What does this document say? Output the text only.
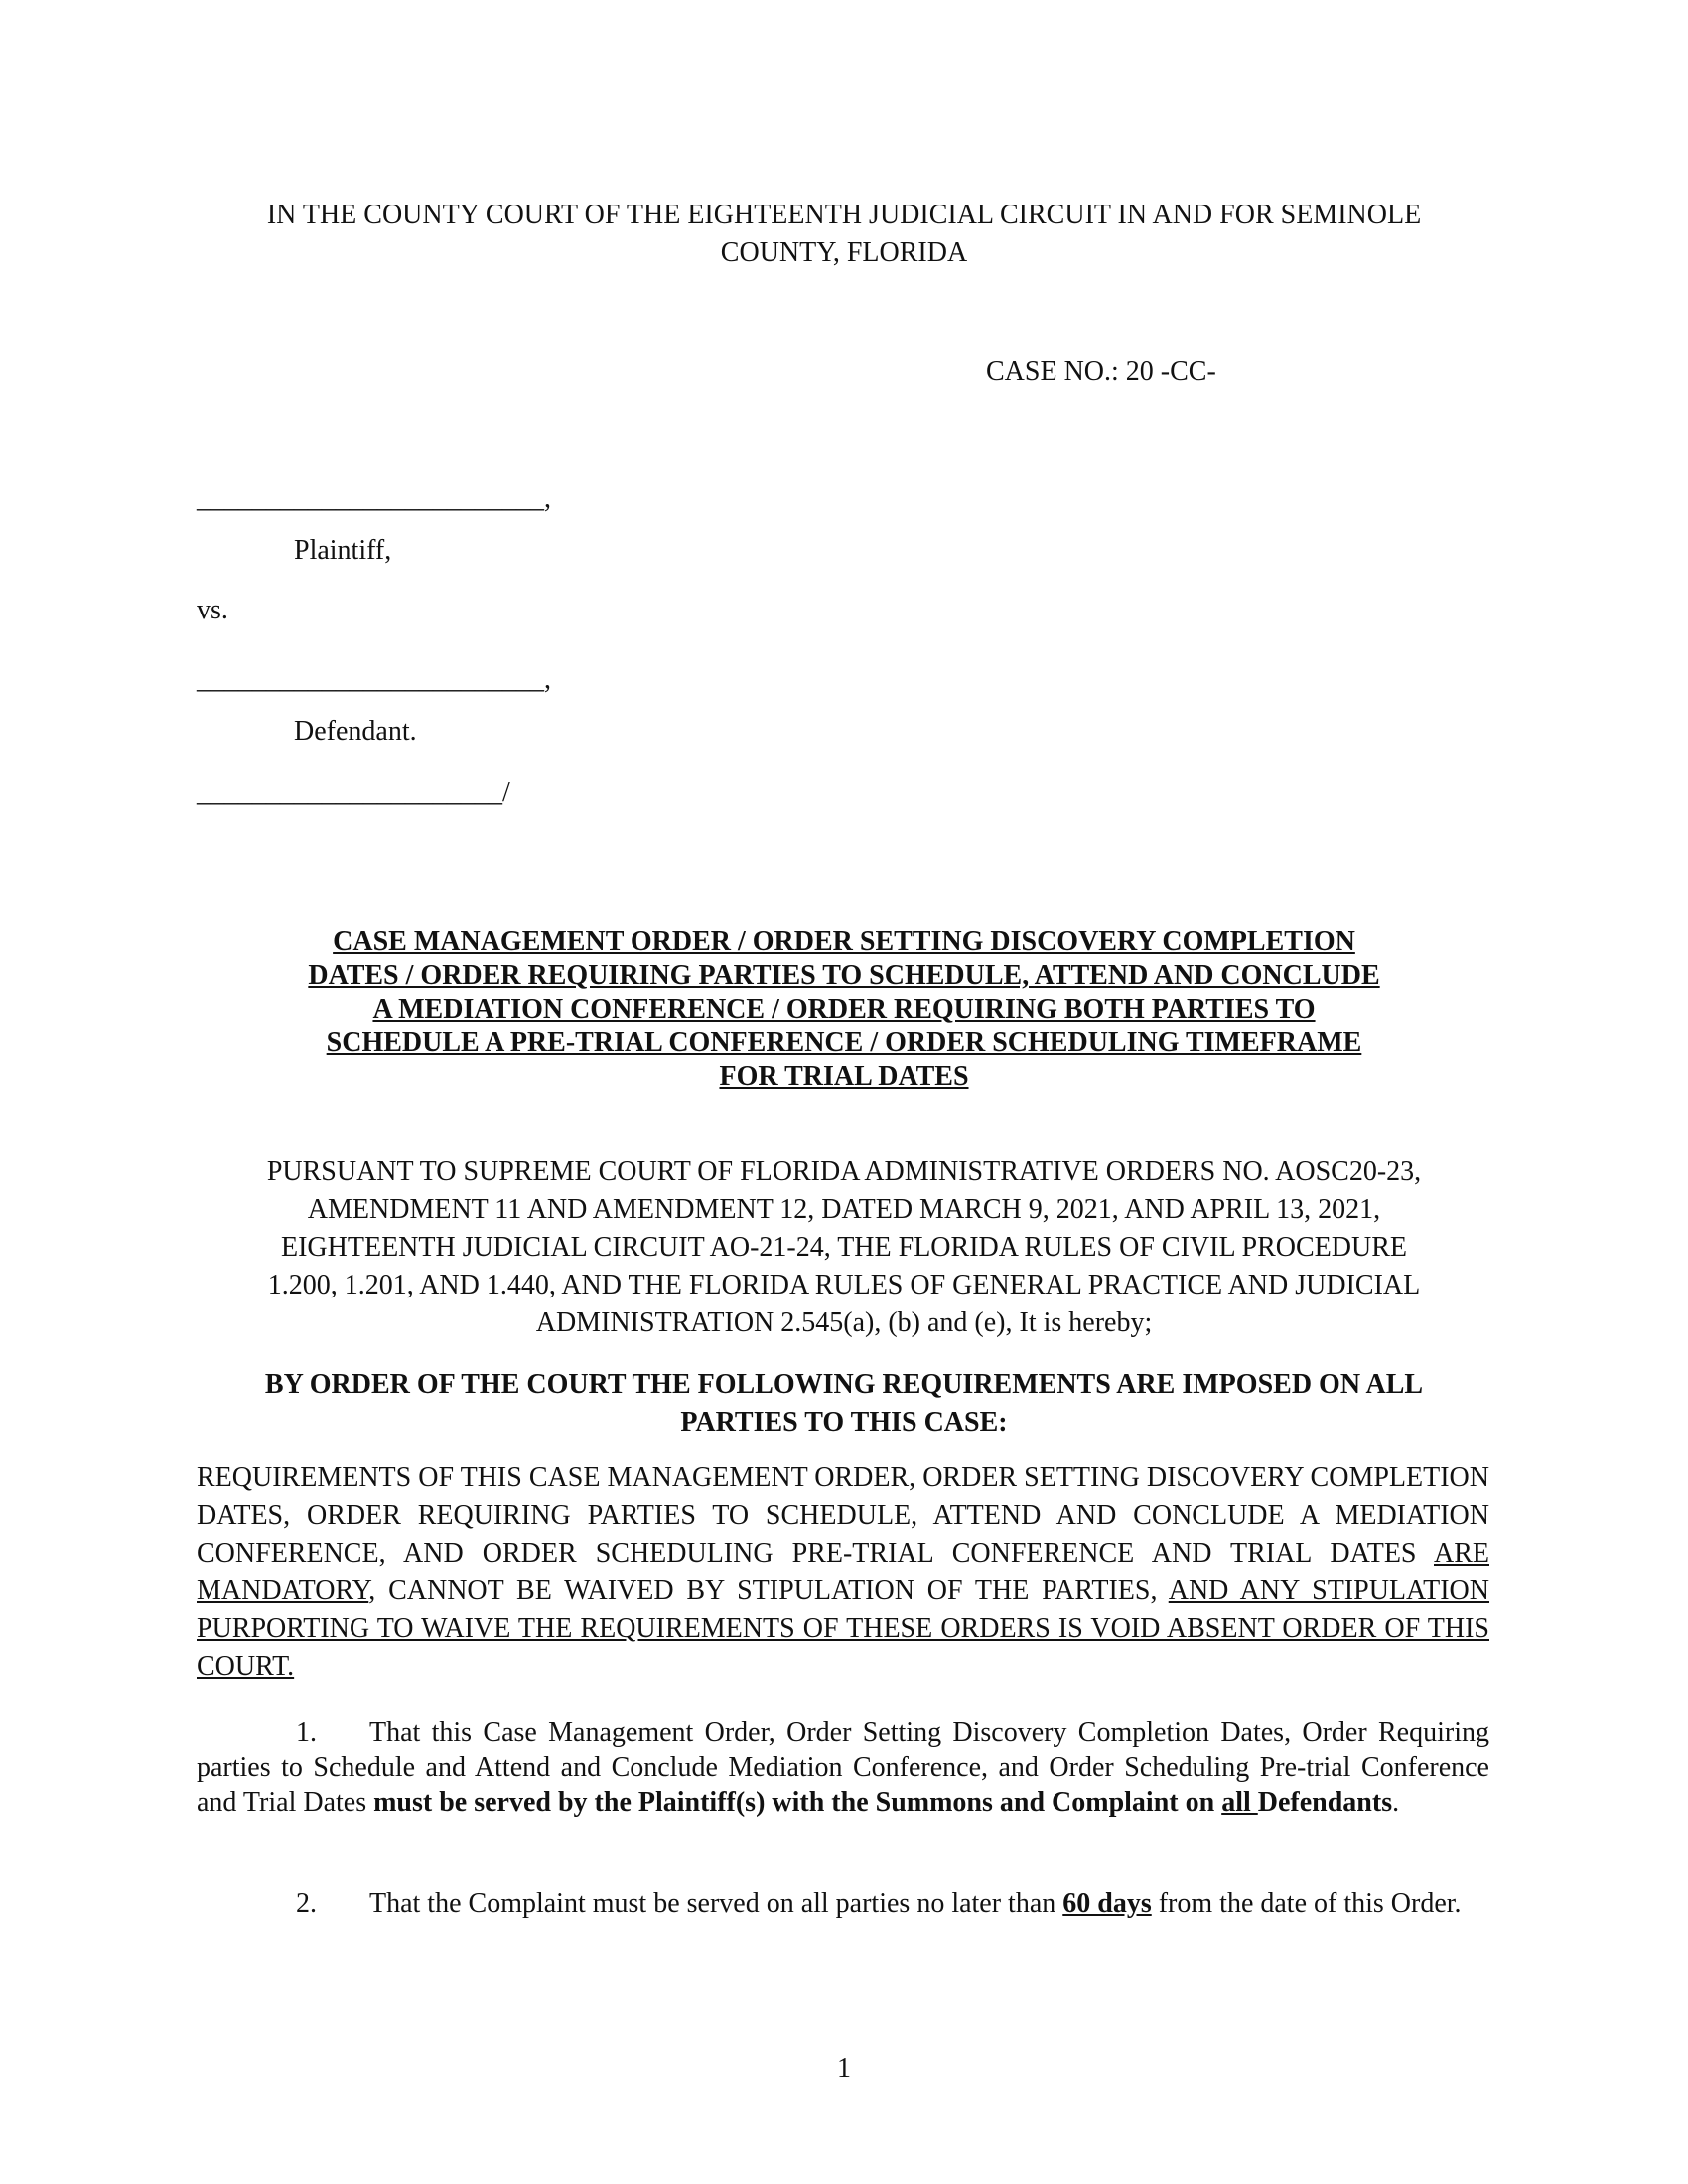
IN THE COUNTY COURT OF THE EIGHTEENTH JUDICIAL CIRCUIT IN AND FOR SEMINOLE
COUNTY, FLORIDA
CASE NO.: 20 -CC-
_________________________,
Plaintiff,
vs.
_________________________,
Defendant.
______________________/
CASE MANAGEMENT ORDER / ORDER SETTING DISCOVERY COMPLETION
DATES / ORDER REQUIRING PARTIES TO SCHEDULE, ATTEND AND CONCLUDE
A MEDIATION CONFERENCE / ORDER REQUIRING BOTH PARTIES TO
SCHEDULE A PRE-TRIAL CONFERENCE / ORDER SCHEDULING TIMEFRAME
FOR TRIAL DATES
PURSUANT TO SUPREME COURT OF FLORIDA ADMINISTRATIVE ORDERS NO. AOSC20-23,
AMENDMENT 11 AND AMENDMENT 12, DATED MARCH 9, 2021, AND APRIL 13, 2021,
EIGHTEENTH JUDICIAL CIRCUIT AO-21-24, THE FLORIDA RULES OF CIVIL PROCEDURE
1.200, 1.201, AND 1.440, AND THE FLORIDA RULES OF GENERAL PRACTICE AND JUDICIAL
ADMINISTRATION 2.545(a), (b) and (e), It is hereby;
BY ORDER OF THE COURT THE FOLLOWING REQUIREMENTS ARE IMPOSED ON ALL
PARTIES TO THIS CASE:
REQUIREMENTS OF THIS CASE MANAGEMENT ORDER, ORDER SETTING DISCOVERY COMPLETION DATES, ORDER REQUIRING PARTIES TO SCHEDULE, ATTEND AND CONCLUDE A MEDIATION CONFERENCE, AND ORDER SCHEDULING PRE-TRIAL CONFERENCE AND TRIAL DATES ARE MANDATORY, CANNOT BE WAIVED BY STIPULATION OF THE PARTIES, AND ANY STIPULATION PURPORTING TO WAIVE THE REQUIREMENTS OF THESE ORDERS IS VOID ABSENT ORDER OF THIS COURT.
1. That this Case Management Order, Order Setting Discovery Completion Dates, Order Requiring parties to Schedule and Attend and Conclude Mediation Conference, and Order Scheduling Pre-trial Conference and Trial Dates must be served by the Plaintiff(s) with the Summons and Complaint on all Defendants.
2. That the Complaint must be served on all parties no later than 60 days from the date of this Order.
1
